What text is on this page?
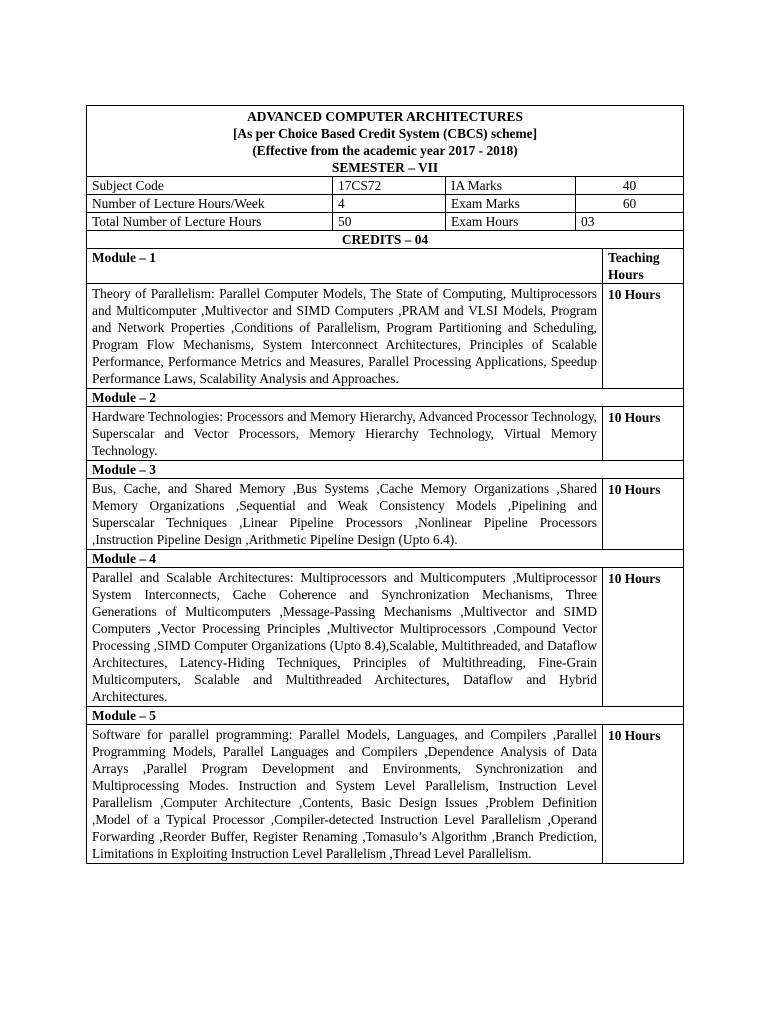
ADVANCED COMPUTER ARCHITECTURES
[As per Choice Based Credit System (CBCS) scheme]
(Effective from the academic year 2017 - 2018)
SEMESTER – VII				

Subject Code	17CS72	IA Marks	40	
Number of Lecture Hours/Week	4	Exam Marks	60	
Total Number of Lecture Hours	50	Exam Hours	03	
CREDITS – 04				
Module – 1				Teaching Hours
Theory of Parallelism: Parallel Computer Models, The State of Computing, Multiprocessors and Multicomputer ,Multivector and SIMD Computers ,PRAM and VLSI Models, Program and Network Properties ,Conditions of Parallelism, Program Partitioning and Scheduling, Program Flow Mechanisms, System Interconnect Architectures, Principles of Scalable Performance, Performance Metrics and Measures, Parallel Processing Applications, Speedup Performance Laws, Scalability Analysis and Approaches.				10 Hours
Module – 2				
Hardware Technologies: Processors and Memory Hierarchy, Advanced Processor Technology, Superscalar and Vector Processors, Memory Hierarchy Technology, Virtual Memory Technology.				10 Hours
Module – 3				
Bus, Cache, and Shared Memory ,Bus Systems ,Cache Memory Organizations ,Shared Memory Organizations ,Sequential and Weak Consistency Models ,Pipelining and Superscalar Techniques ,Linear Pipeline Processors ,Nonlinear Pipeline Processors ,Instruction Pipeline Design ,Arithmetic Pipeline Design (Upto 6.4).				10 Hours
Module – 4				
Parallel and Scalable Architectures: Multiprocessors and Multicomputers ,Multiprocessor System Interconnects, Cache Coherence and Synchronization Mechanisms, Three Generations of Multicomputers ,Message-Passing Mechanisms ,Multivector and SIMD Computers ,Vector Processing Principles ,Multivector Multiprocessors ,Compound Vector Processing ,SIMD Computer Organizations (Upto 8.4),Scalable, Multithreaded, and Dataflow Architectures, Latency-Hiding Techniques, Principles of Multithreading, Fine-Grain Multicomputers, Scalable and Multithreaded Architectures, Dataflow and Hybrid Architectures.				10 Hours
Module – 5				
Software for parallel programming: Parallel Models, Languages, and Compilers ,Parallel Programming Models, Parallel Languages and Compilers ,Dependence Analysis of Data Arrays ,Parallel Program Development and Environments, Synchronization and Multiprocessing Modes. Instruction and System Level Parallelism, Instruction Level Parallelism ,Computer Architecture ,Contents, Basic Design Issues ,Problem Definition ,Model of a Typical Processor ,Compiler-detected Instruction Level Parallelism ,Operand Forwarding ,Reorder Buffer, Register Renaming ,Tomasulo’s Algorithm ,Branch Prediction, Limitations in Exploiting Instruction Level Parallelism ,Thread Level Parallelism.				10 Hours
